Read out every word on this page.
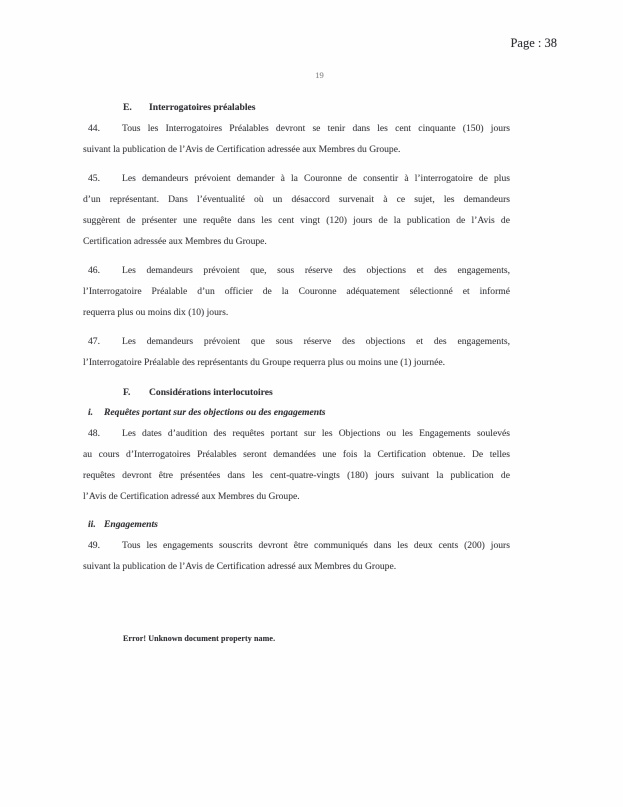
Page : 38
19
E. Interrogatoires préalables
44. Tous les Interrogatoires Préalables devront se tenir dans les cent cinquante (150) jours
suivant la publication de l’Avis de Certification adressée aux Membres du Groupe.
45. Les demandeurs prévoient demander à la Couronne de consentir à l’interrogatoire de plus
d’un représentant. Dans l’éventualité où un désaccord survenait à ce sujet, les demandeurs
suggèrent de présenter une requête dans les cent vingt (120) jours de la publication de l’Avis de
Certification adressée aux Membres du Groupe.
46. Les demandeurs prévoient que, sous réserve des objections et des engagements,
l’Interrogatoire Préalable d’un officier de la Couronne adéquatement sélectionné et informé
requerra plus ou moins dix (10) jours.
47. Les demandeurs prévoient que sous réserve des objections et des engagements,
l’Interrogatoire Préalable des représentants du Groupe requerra plus ou moins une (1) journée.
F. Considérations interlocutoires
i. Requêtes portant sur des objections ou des engagements
48. Les dates d’audition des requêtes portant sur les Objections ou les Engagements soulevés
au cours d’Interrogatoires Préalables seront demandées une fois la Certification obtenue. De telles
requêtes devront être présentées dans les cent-quatre-vingts (180) jours suivant la publication de
l’Avis de Certification adressé aux Membres du Groupe.
ii. Engagements
49. Tous les engagements souscrits devront être communiqués dans les deux cents (200) jours
suivant la publication de l’Avis de Certification adressé aux Membres du Groupe.
Error! Unknown document property name.
